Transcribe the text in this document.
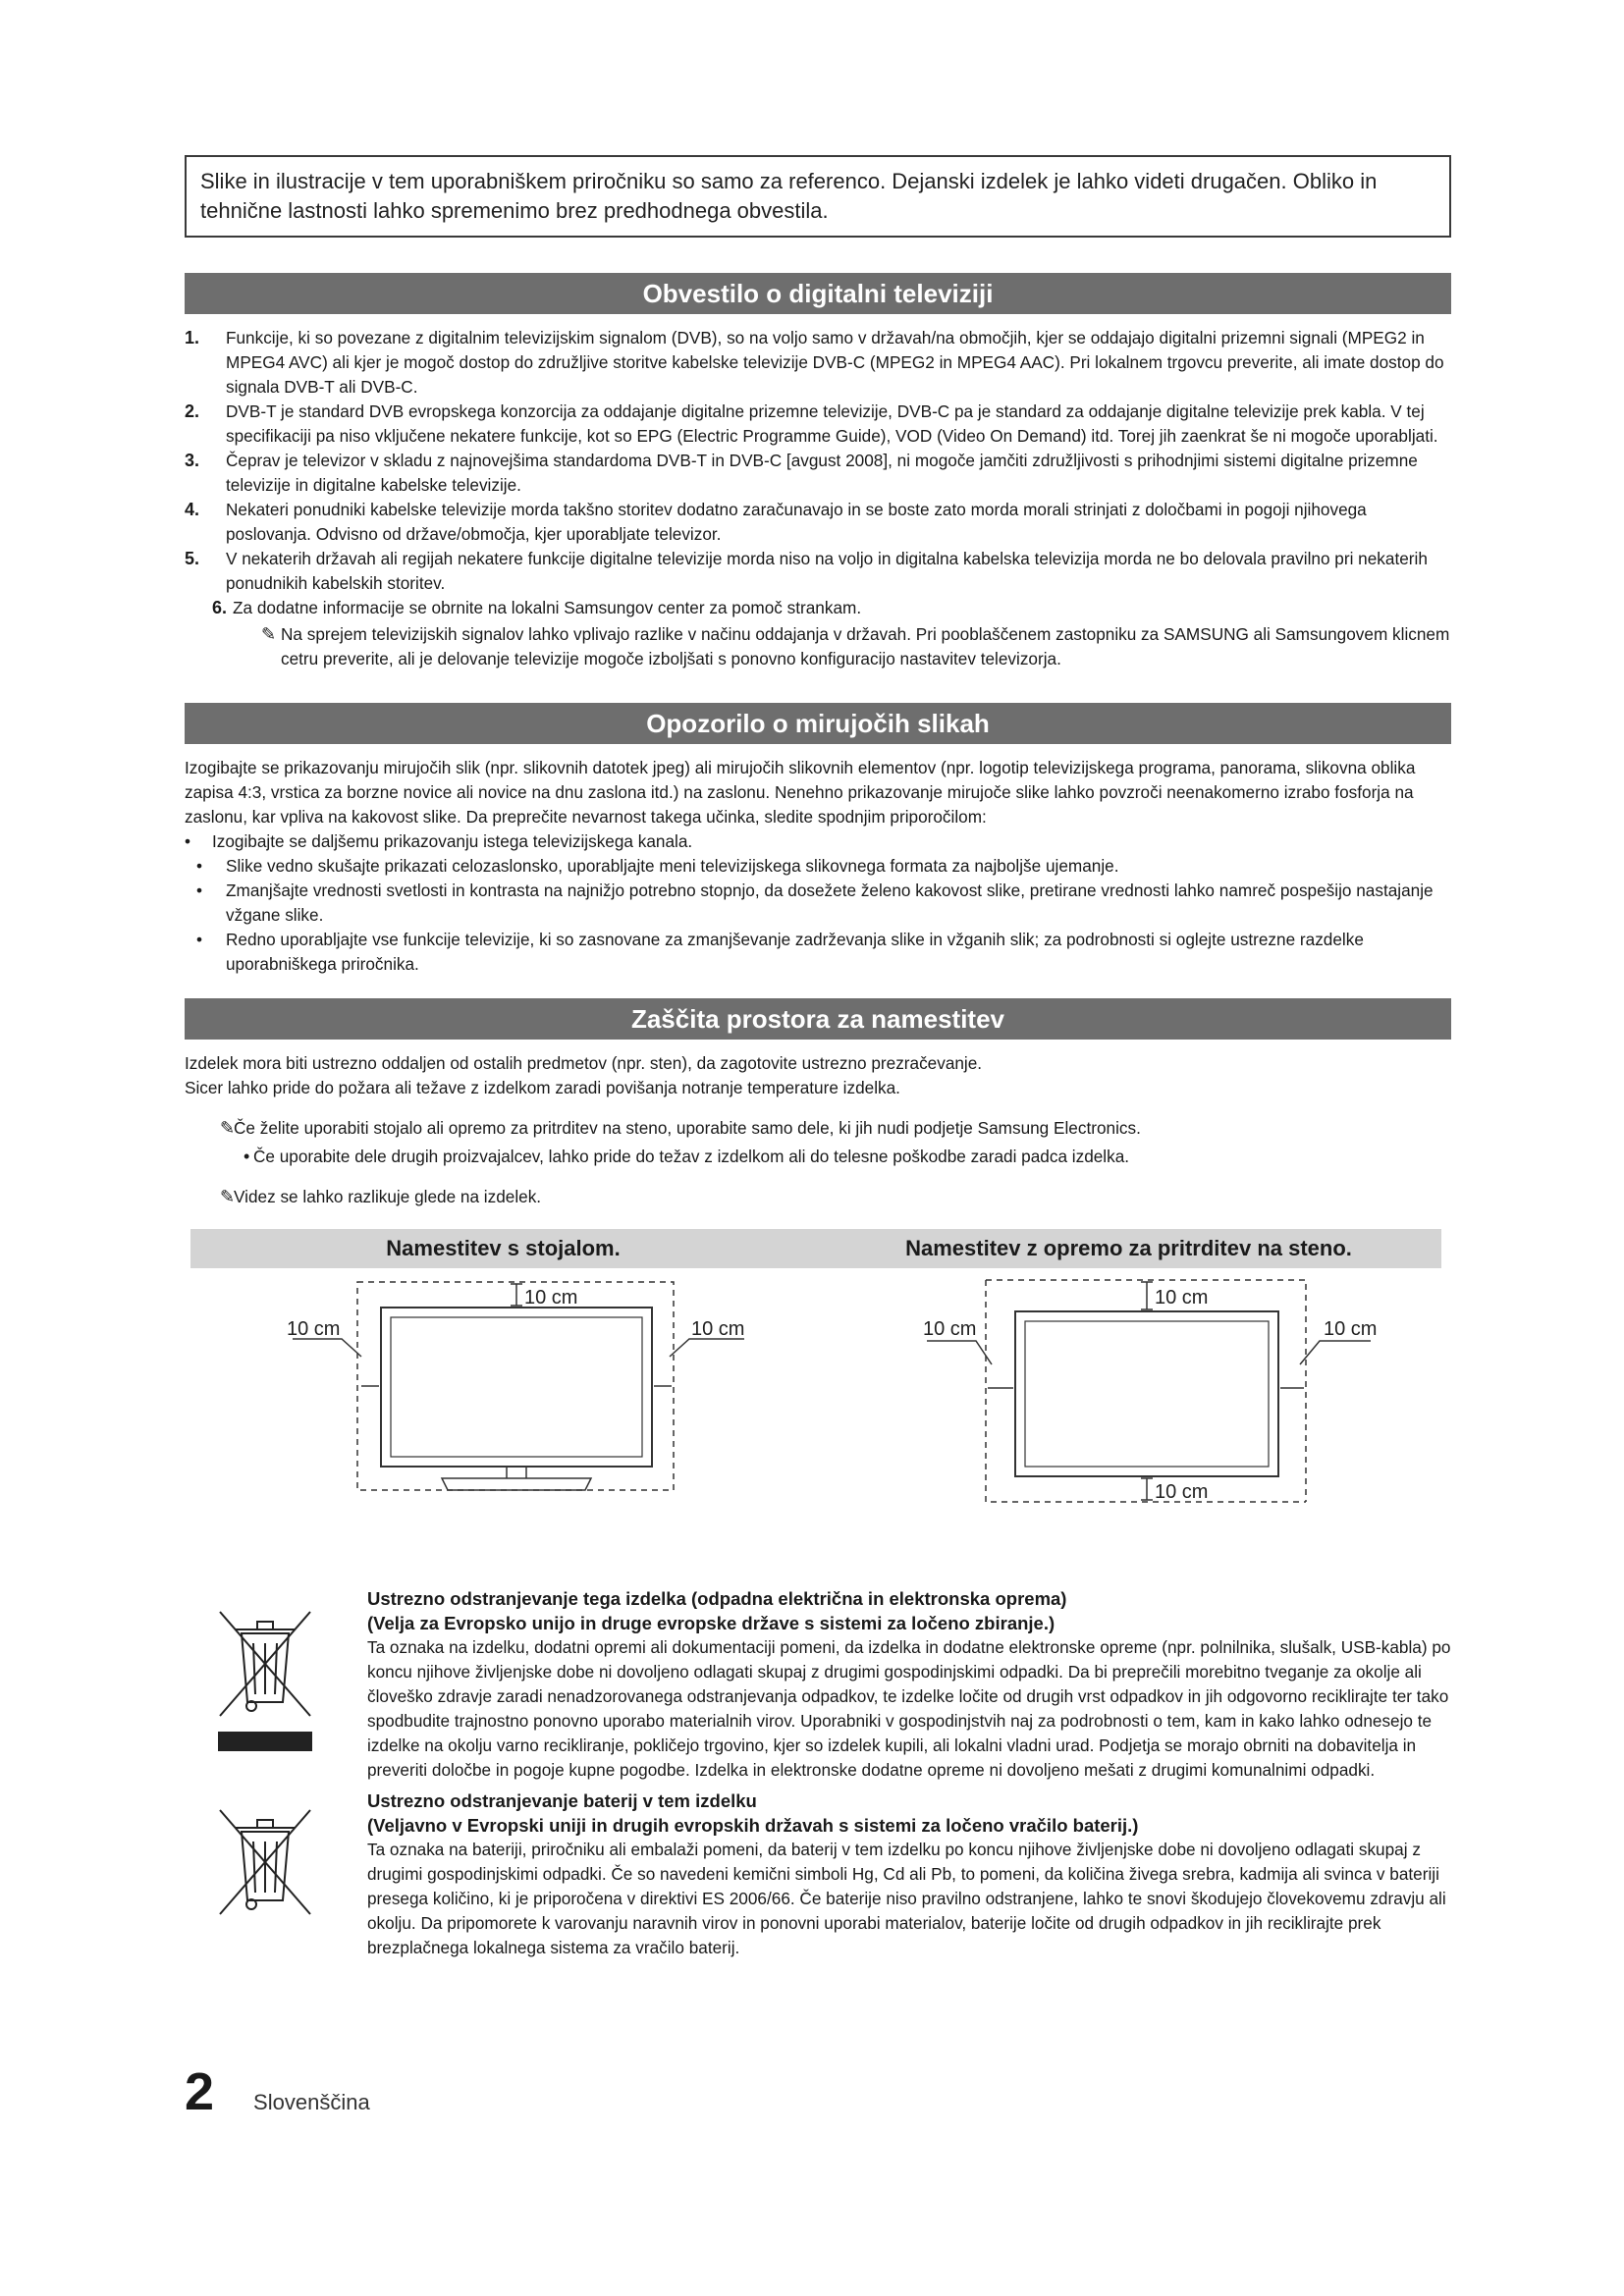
Slike in ilustracije v tem uporabniškem priročniku so samo za referenco. Dejanski izdelek je lahko videti drugačen. Obliko in tehnične lastnosti lahko spremenimo brez predhodnega obvestila.
Obvestilo o digitalni televiziji
1. Funkcije, ki so povezane z digitalnim televizijskim signalom (DVB), so na voljo samo v državah/na območjih, kjer se oddajajo digitalni prizemni signali (MPEG2 in MPEG4 AVC) ali kjer je mogoč dostop do združljive storitve kabelske televizije DVB-C (MPEG2 in MPEG4 AAC). Pri lokalnem trgovcu preverite, ali imate dostop do signala DVB-T ali DVB-C.
2. DVB-T je standard DVB evropskega konzorcija za oddajanje digitalne prizemne televizije, DVB-C pa je standard za oddajanje digitalne televizije prek kabla. V tej specifikaciji pa niso vključene nekatere funkcije, kot so EPG (Electric Programme Guide), VOD (Video On Demand) itd. Torej jih zaenkrat še ni mogoče uporabljati.
3. Čeprav je televizor v skladu z najnovejšima standardoma DVB-T in DVB-C [avgust 2008], ni mogoče jamčiti združljivosti s prihodnjimi sistemi digitalne prizemne televizije in digitalne kabelske televizije.
4. Nekateri ponudniki kabelske televizije morda takšno storitev dodatno zaračunavajo in se boste zato morda morali strinjati z določbami in pogoji njihovega poslovanja. Odvisno od države/območja, kjer uporabljate televizor.
5. V nekaterih državah ali regijah nekatere funkcije digitalne televizije morda niso na voljo in digitalna kabelska televizija morda ne bo delovala pravilno pri nekaterih ponudnikih kabelskih storitev.
6. Za dodatne informacije se obrnite na lokalni Samsungov center za pomoč strankam.
✎ Na sprejem televizijskih signalov lahko vplivajo razlike v načinu oddajanja v državah. Pri pooblaščenem zastopniku za SAMSUNG ali Samsungovem klicnem cetru preverite, ali je delovanje televizije mogoče izboljšati s ponovno konfiguracijo nastavitev televizorja.
Opozorilo o mirujočih slikah

Izogibajte se prikazovanju mirujočih slik (npr. slikovnih datotek jpeg) ali mirujočih slikovnih elementov (npr. logotip televizijskega programa, panorama, slikovna oblika zapisa 4:3, vrstica za borzne novice ali novice na dnu zaslona itd.) na zaslonu. Nenehno prikazovanje mirujoče slike lahko povzroči neenakomerno izrabo fosforja na zaslonu, kar vpliva na kakovost slike. Da preprečite nevarnost takega učinka, sledite spodnjim priporočilom:

• Izogibajte se daljšemu prikazovanju istega televizijskega kanala.
• Slike vedno skušajte prikazati celozaslonsko, uporabljajte meni televizijskega slikovnega formata za najboljše ujemanje.
• Zmanjšajte vrednosti svetlosti in kontrasta na najnižjo potrebno stopnjo, da dosežete želeno kakovost slike, pretirane vrednosti lahko namreč pospešijo nastajanje vžgane slike.
• Redno uporabljajte vse funkcije televizije, ki so zasnovane za zmanjševanje zadrževanja slike in vžganih slik; za podrobnosti si oglejte ustrezne razdelke uporabniškega priročnika.
Zaščita prostora za namestitev

Izdelek mora biti ustrezno oddaljen od ostalih predmetov (npr. sten), da zagotovite ustrezno prezračevanje.

Sicer lahko pride do požara ali težave z izdelkom zaradi povišanja notranje temperature izdelka.

✎
Če želite uporabiti stojalo ali opremo za pritrditev na steno, uporabite samo dele, ki jih nudi podjetje Samsung Electronics.
• Če uporabite dele drugih proizvajalcev, lahko pride do težav z izdelkom ali do telesne poškodbe zaradi padca izdelka.
✎
Videz se lahko razlikuje glede na izdelek.
Namestitev s stojalom.	Namestitev z opremo za pritrditev na steno.
10 cm
10 cm	10 cm
10 cm
10 cm	10 cm
10 cm
Ustrezno odstranjevanje tega izdelka (odpadna električna in elektronska oprema)
(Velja za Evropsko unijo in druge evropske države s sistemi za ločeno zbiranje.)
Ta oznaka na izdelku, dodatni opremi ali dokumentaciji pomeni, da izdelka in dodatne elektronske opreme (npr. polnilnika, slušalk, USB-kabla) po koncu njihove življenjske dobe ni dovoljeno odlagati skupaj z drugimi gospodinjskimi odpadki. Da bi preprečili morebitno tveganje za okolje ali človeško zdravje zaradi nenadzorovanega odstranjevanja odpadkov, te izdelke ločite od drugih vrst odpadkov in jih odgovorno reciklirajte ter tako spodbudite trajnostno ponovno uporabo materialnih virov. Uporabniki v gospodinjstvih naj za podrobnosti o tem, kam in kako lahko odnesejo te izdelke na okolju varno recikliranje, pokličejo trgovino, kjer so izdelek kupili, ali lokalni vladni urad. Podjetja se morajo obrniti na dobavitelja in preveriti določbe in pogoje kupne pogodbe. Izdelka in elektronske dodatne opreme ni dovoljeno mešati z drugimi komunalnimi odpadki.
Ustrezno odstranjevanje baterij v tem izdelku
(Veljavno v Evropski uniji in drugih evropskih državah s sistemi za ločeno vračilo baterij.)
Ta oznaka na bateriji, priročniku ali embalaži pomeni, da baterij v tem izdelku po koncu njihove življenjske dobe ni dovoljeno odlagati skupaj z drugimi gospodinjskimi odpadki. Če so navedeni kemični simboli Hg, Cd ali Pb, to pomeni, da količina živega srebra, kadmija ali svinca v bateriji presega količino, ki je priporočena v direktivi ES 2006/66. Če baterije niso pravilno odstranjene, lahko te snovi škodujejo človekovemu zdravju ali okolju. Da pripomorete k varovanju naravnih virov in ponovni uporabi materialov, baterije ločite od drugih odpadkov in jih reciklirajte prek brezplačnega lokalnega sistema za vračilo baterij.
2 Slovenščina
